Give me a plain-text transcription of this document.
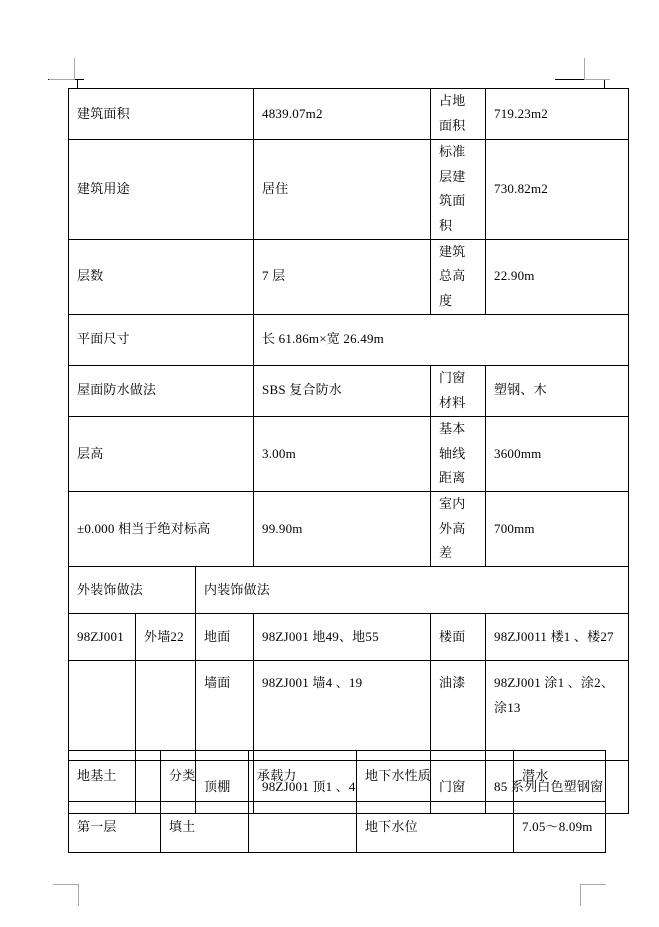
建筑面积			4839.07m2	占地面积	719.23m2
建筑用途			居住	标准层建筑面积	730.82m2
层数			7 层	建筑总高度	22.90m
平面尺寸			长 61.86m×宽 26.49m		
屋面防水做法			SBS 复合防水	门窗材料	塑钢、木
层高			3.00m	基本轴线距离	3600mm
±0.000 相当于绝对标高			99.90m	室内外高差	700mm
外装饰做法		内装饰做法			
98ZJ001	外墙22	地面	98ZJ001 地49、地55	楼面	98ZJ0011 楼1 、楼27
		墙面	98ZJ001 墙4 、19	油漆	98ZJ001 涂1 、涂2、 涂13
		顶棚	98ZJ001 顶1 、4	门窗	85 系列白色塑钢窗
地基土	分类	承载力	地下水性质	潜水
第一层	填土		地下水位	7.05～8.09m
